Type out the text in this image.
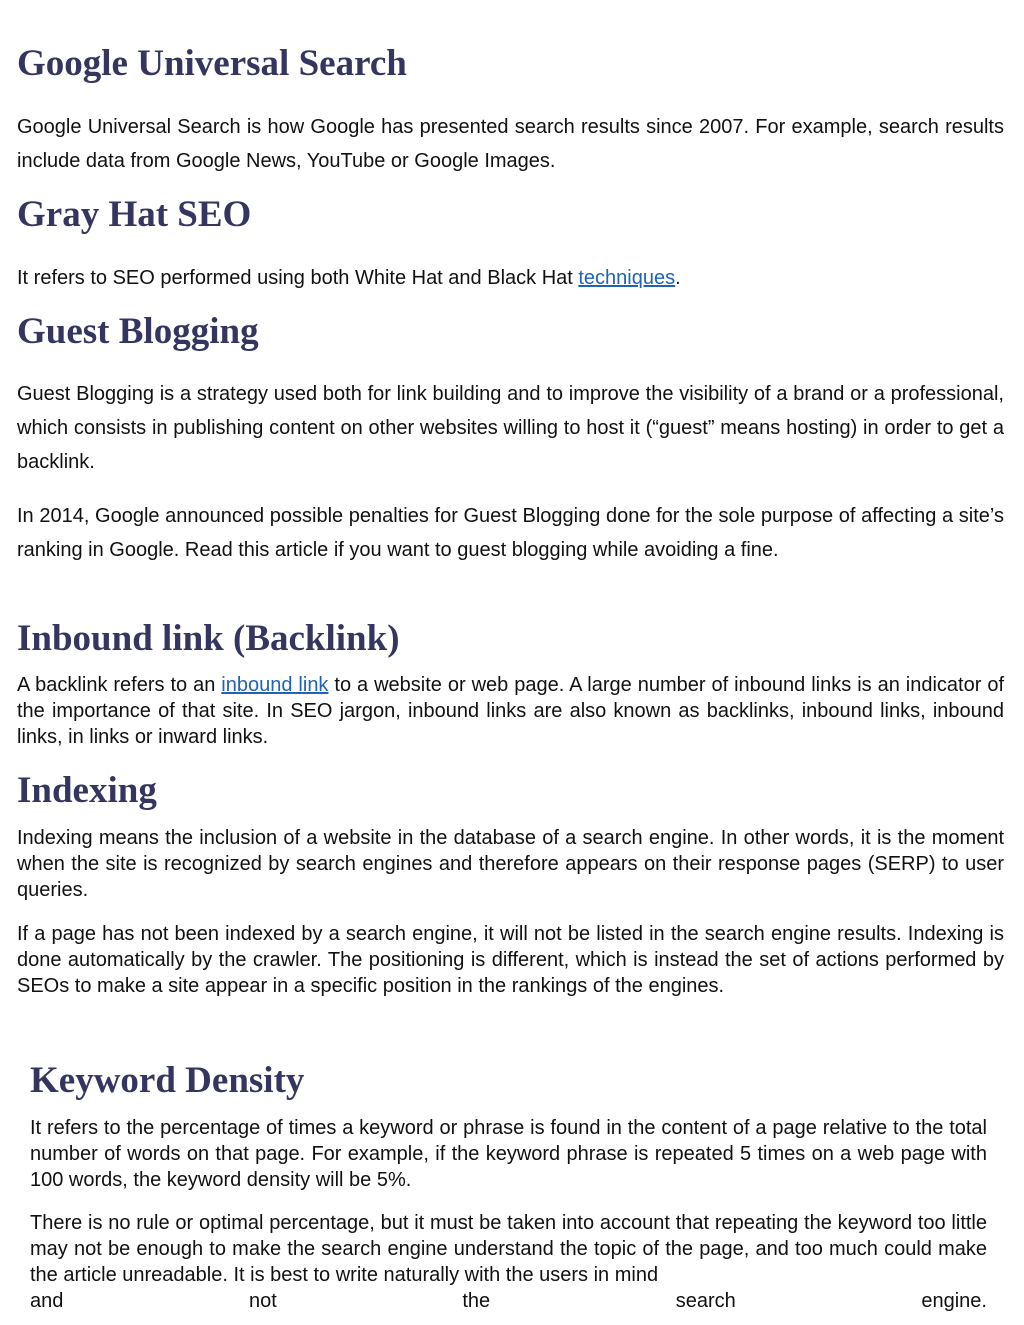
Google Universal Search

Google Universal Search is how Google has presented search results since 2007. For example, search results include data from Google News, YouTube or Google Images.

Gray Hat SEO

It refers to SEO performed using both White Hat and Black Hat techniques.

Guest Blogging

Guest Blogging is a strategy used both for link building and to improve the visibility of a brand or a professional, which consists in publishing content on other websites willing to host it (“guest” means hosting) in order to get a backlink.

In 2014, Google announced possible penalties for Guest Blogging done for the sole purpose of affecting a site’s ranking in Google. Read this article if you want to guest blogging while avoiding a fine.

Inbound link (Backlink)

A backlink refers to an inbound link to a website or web page. A large number of inbound links is an indicator of the importance of that site. In SEO jargon, inbound links are also known as backlinks, inbound links, inbound links, in links or inward links.

Indexing

Indexing means the inclusion of a website in the database of a search engine. In other words, it is the moment when the site is recognized by search engines and therefore appears on their response pages (SERP) to user queries.

If a page has not been indexed by a search engine, it will not be listed in the search engine results. Indexing is done automatically by the crawler. The positioning is different, which is instead the set of actions performed by SEOs to make a site appear in a specific position in the rankings of the engines.

Keyword Density

It refers to the percentage of times a keyword or phrase is found in the content of a page relative to the total number of words on that page. For example, if the keyword phrase is repeated 5 times on a web page with 100 words, the keyword density will be 5%.

There is no rule or optimal percentage, but it must be taken into account that repeating the keyword too little may not be enough to make the search engine understand the topic of the page, and too much could make the article unreadable. It is best to write naturally with the users in mind

and	not	the	search	engine.
